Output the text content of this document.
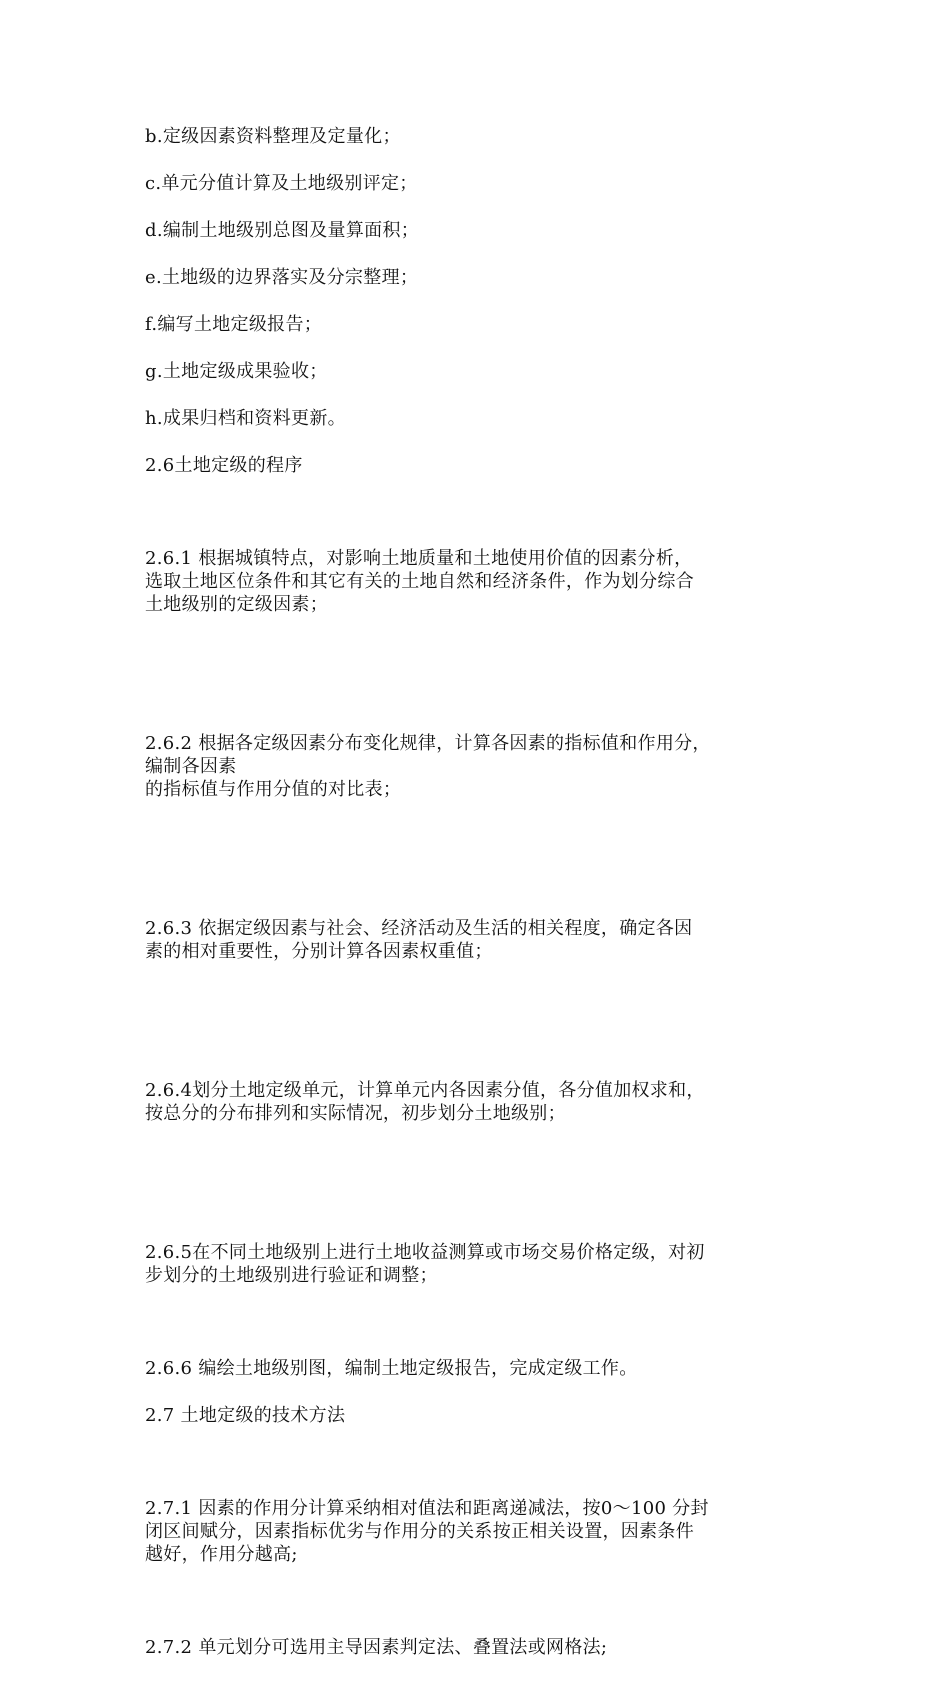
b.定级因素资料整理及定量化；

c.单元分值计算及土地级别评定；

d.编制土地级别总图及量算面积；

e.土地级的边界落实及分宗整理；

f.编写土地定级报告；

g.土地定级成果验收；

h.成果归档和资料更新。

2.6土地定级的程序

2.6.1 根据城镇特点，对影响土地质量和土地使用价值的因素分析，
选取土地区位条件和其它有关的土地自然和经济条件，作为划分综合
土地级别的定级因素；

2.6.2 根据各定级因素分布变化规律，计算各因素的指标值和作用分，
编制各因素
的指标值与作用分值的对比表；

2.6.3 依据定级因素与社会、经济活动及生活的相关程度，确定各因
素的相对重要性，分别计算各因素权重值；

2.6.4划分土地定级单元，计算单元内各因素分值，各分值加权求和，
按总分的分布排列和实际情况，初步划分土地级别；

2.6.5在不同土地级别上进行土地收益测算或市场交易价格定级，对初
步划分的土地级别进行验证和调整；

2.6.6 编绘土地级别图，编制土地定级报告，完成定级工作。

2.7 土地定级的技术方法

2.7.1 因素的作用分计算采纳相对值法和距离递减法，按0～100 分封
闭区间赋分，因素指标优劣与作用分的关系按正相关设置，因素条件
越好，作用分越高;

2.7.2 单元划分可选用主导因素判定法、叠置法或网格法;
